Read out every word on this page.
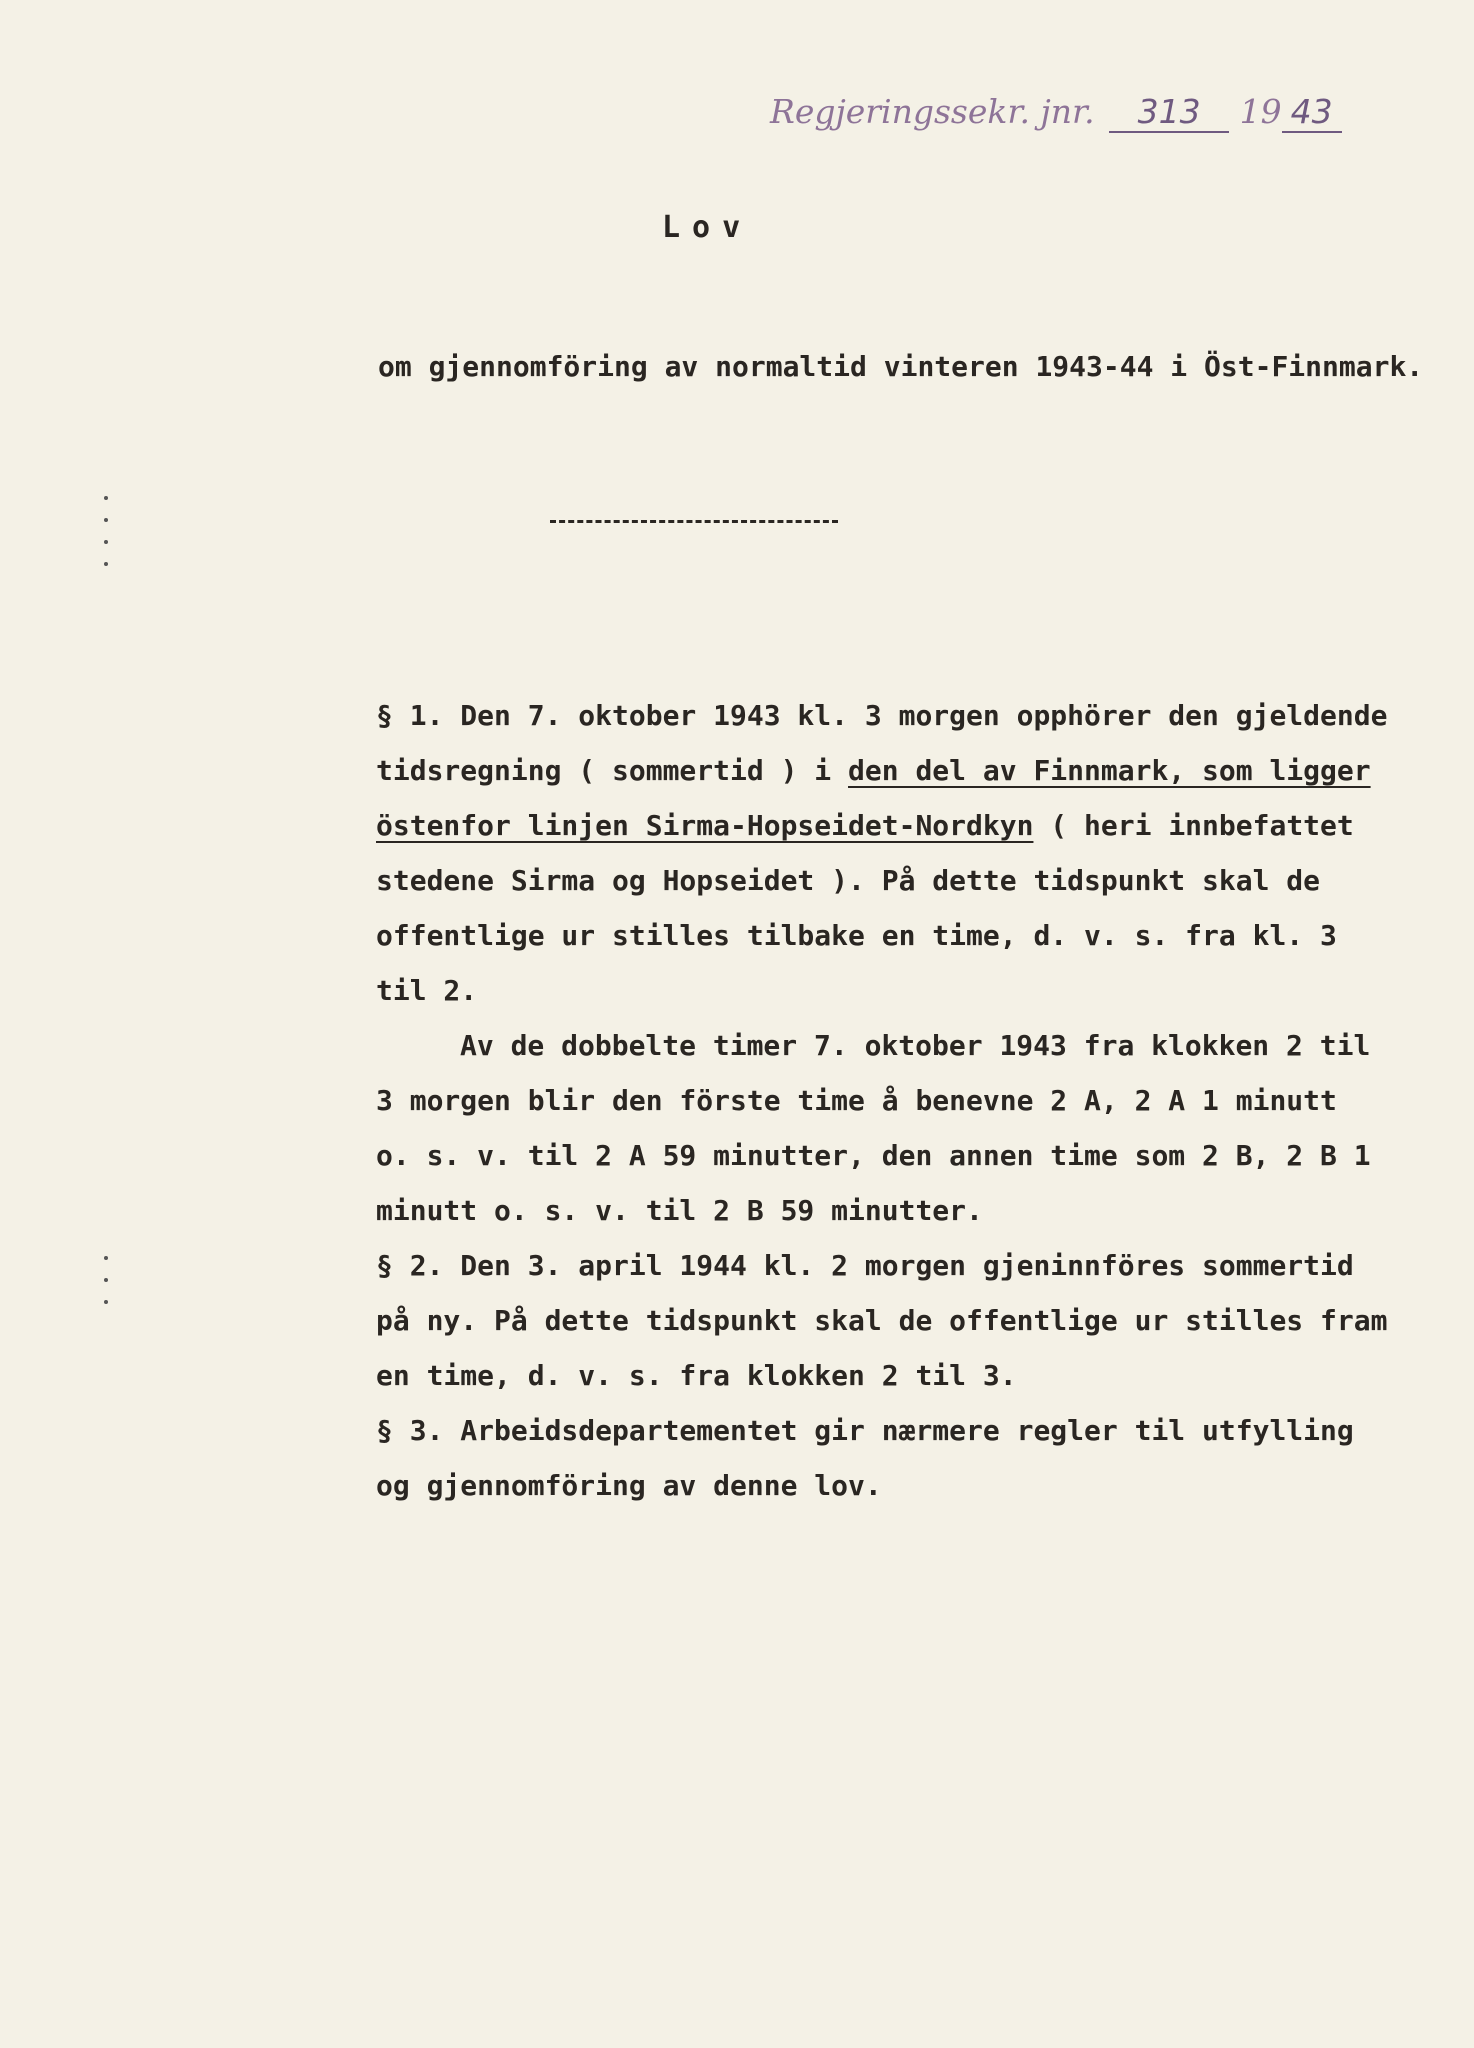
Regjeringssekr. jnr. 313 19 43
Lov
om gjennomföring av normaltid vinteren 1943-44 i Öst-Finnmark.
§ 1. Den 7. oktober 1943 kl. 3 morgen opphörer den gjeldende
tidsregning ( sommertid ) i den del av Finnmark, som ligger
östenfor linjen Sirma-Hopseidet-Nordkyn ( heri innbefattet
stedene Sirma og Hopseidet ). På dette tidspunkt skal de
offentlige ur stilles tilbake en time, d. v. s. fra kl. 3
til 2.
Av de dobbelte timer 7. oktober 1943 fra klokken 2 til
3 morgen blir den förste time å benevne 2 A, 2 A 1 minutt
o. s. v. til 2 A 59 minutter, den annen time som 2 B, 2 B 1
minutt o. s. v. til 2 B 59 minutter.
§ 2. Den 3. april 1944 kl. 2 morgen gjeninnföres sommertid
på ny. På dette tidspunkt skal de offentlige ur stilles fram
en time, d. v. s. fra klokken 2 til 3.
§ 3. Arbeidsdepartementet gir nærmere regler til utfylling
og gjennomföring av denne lov.
